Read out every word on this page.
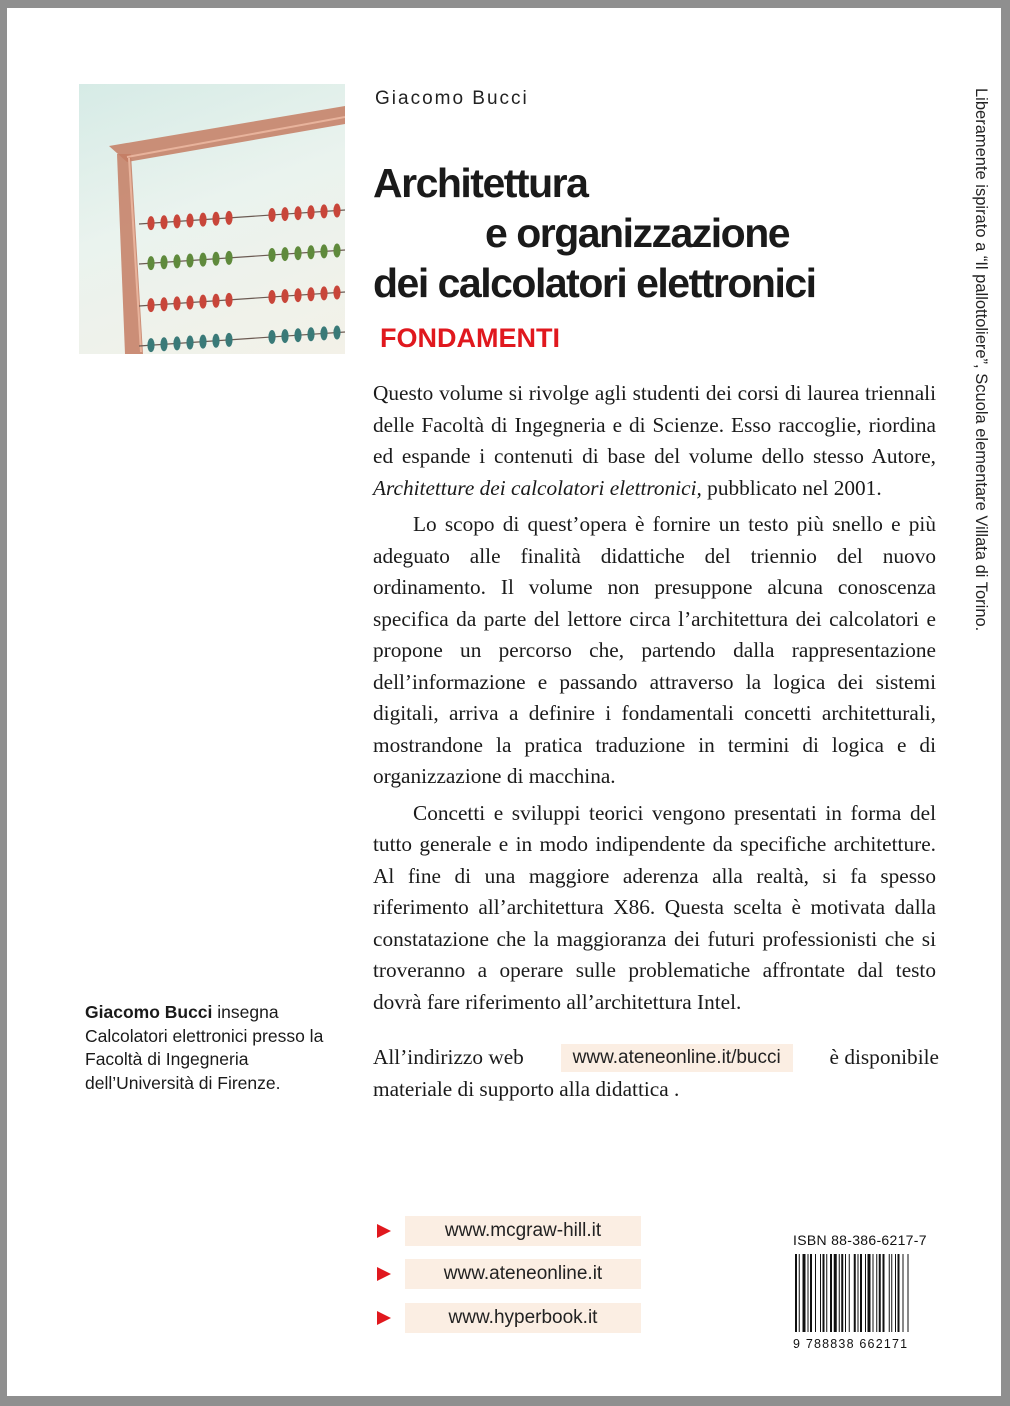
Giacomo Bucci
Architettura
e organizzazione
dei calcolatori elettronici
FONDAMENTI

Questo volume si rivolge agli studenti dei corsi di laurea triennali delle Facoltà di Ingegneria e di Scienze. Esso raccoglie, riordina ed espande i contenuti di base del volume dello stesso Autore, Architetture dei calcolatori elettronici, pubblicato nel 2001.

Lo scopo di quest’opera è fornire un testo più snello e più adeguato alle finalità didattiche del triennio del nuovo ordinamento. Il volume non presuppone alcuna conoscenza specifica da parte del lettore circa l’architettura dei calcolatori e propone un percorso che, partendo dalla rappresentazione dell’informazione e passando attraverso la logica dei sistemi digitali, arriva a definire i fondamentali concetti architetturali, mostrandone la pratica traduzione in termini di logica e di organizzazione di macchina.

Concetti e sviluppi teorici vengono presentati in forma del tutto generale e in modo indipendente da specifiche architetture. Al fine di una maggiore aderenza alla realtà, si fa spesso riferimento all’architettura X86. Questa scelta è motivata dalla constatazione che la maggioranza dei futuri professionisti che si troveranno a operare sulle problematiche affrontate dal testo dovrà fare riferimento all’architettura Intel.

All’indirizzo web	www.ateneonline.it/bucci	è disponibile
materiale di supporto alla didattica .
Giacomo Bucci insegna Calcolatori elettronici presso la Facoltà di Ingegneria dell’Università di Firenze.
www.mcgraw-hill.it
www.ateneonline.it
www.hyperbook.it
ISBN 88-386-6217-7
9 788838 662171
Liberamente ispirato a “Il pallottoliere”, Scuola elementare Villata di Torino.
